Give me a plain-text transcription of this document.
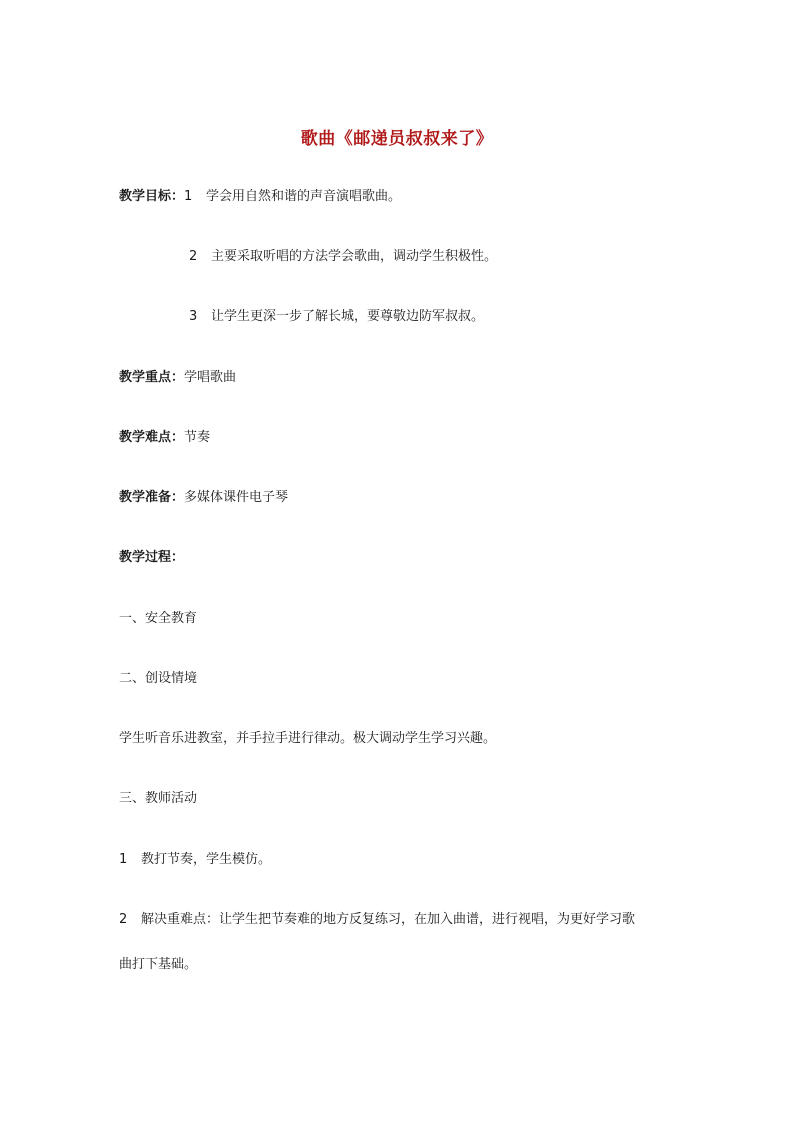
歌曲《邮递员叔叔来了》
教学目标：1 学会用自然和谐的声音演唱歌曲。
2 主要采取听唱的方法学会歌曲，调动学生积极性。
3 让学生更深一步了解长城，要尊敬边防军叔叔。
教学重点：学唱歌曲
教学难点：节奏
教学准备：多媒体课件电子琴
教学过程：
一、安全教育
二、创设情境
学生听音乐进教室，并手拉手进行律动。极大调动学生学习兴趣。
三、教师活动
1 教打节奏，学生模仿。
2 解决重难点：让学生把节奏难的地方反复练习，在加入曲谱，进行视唱，为更好学习歌
曲打下基础。
